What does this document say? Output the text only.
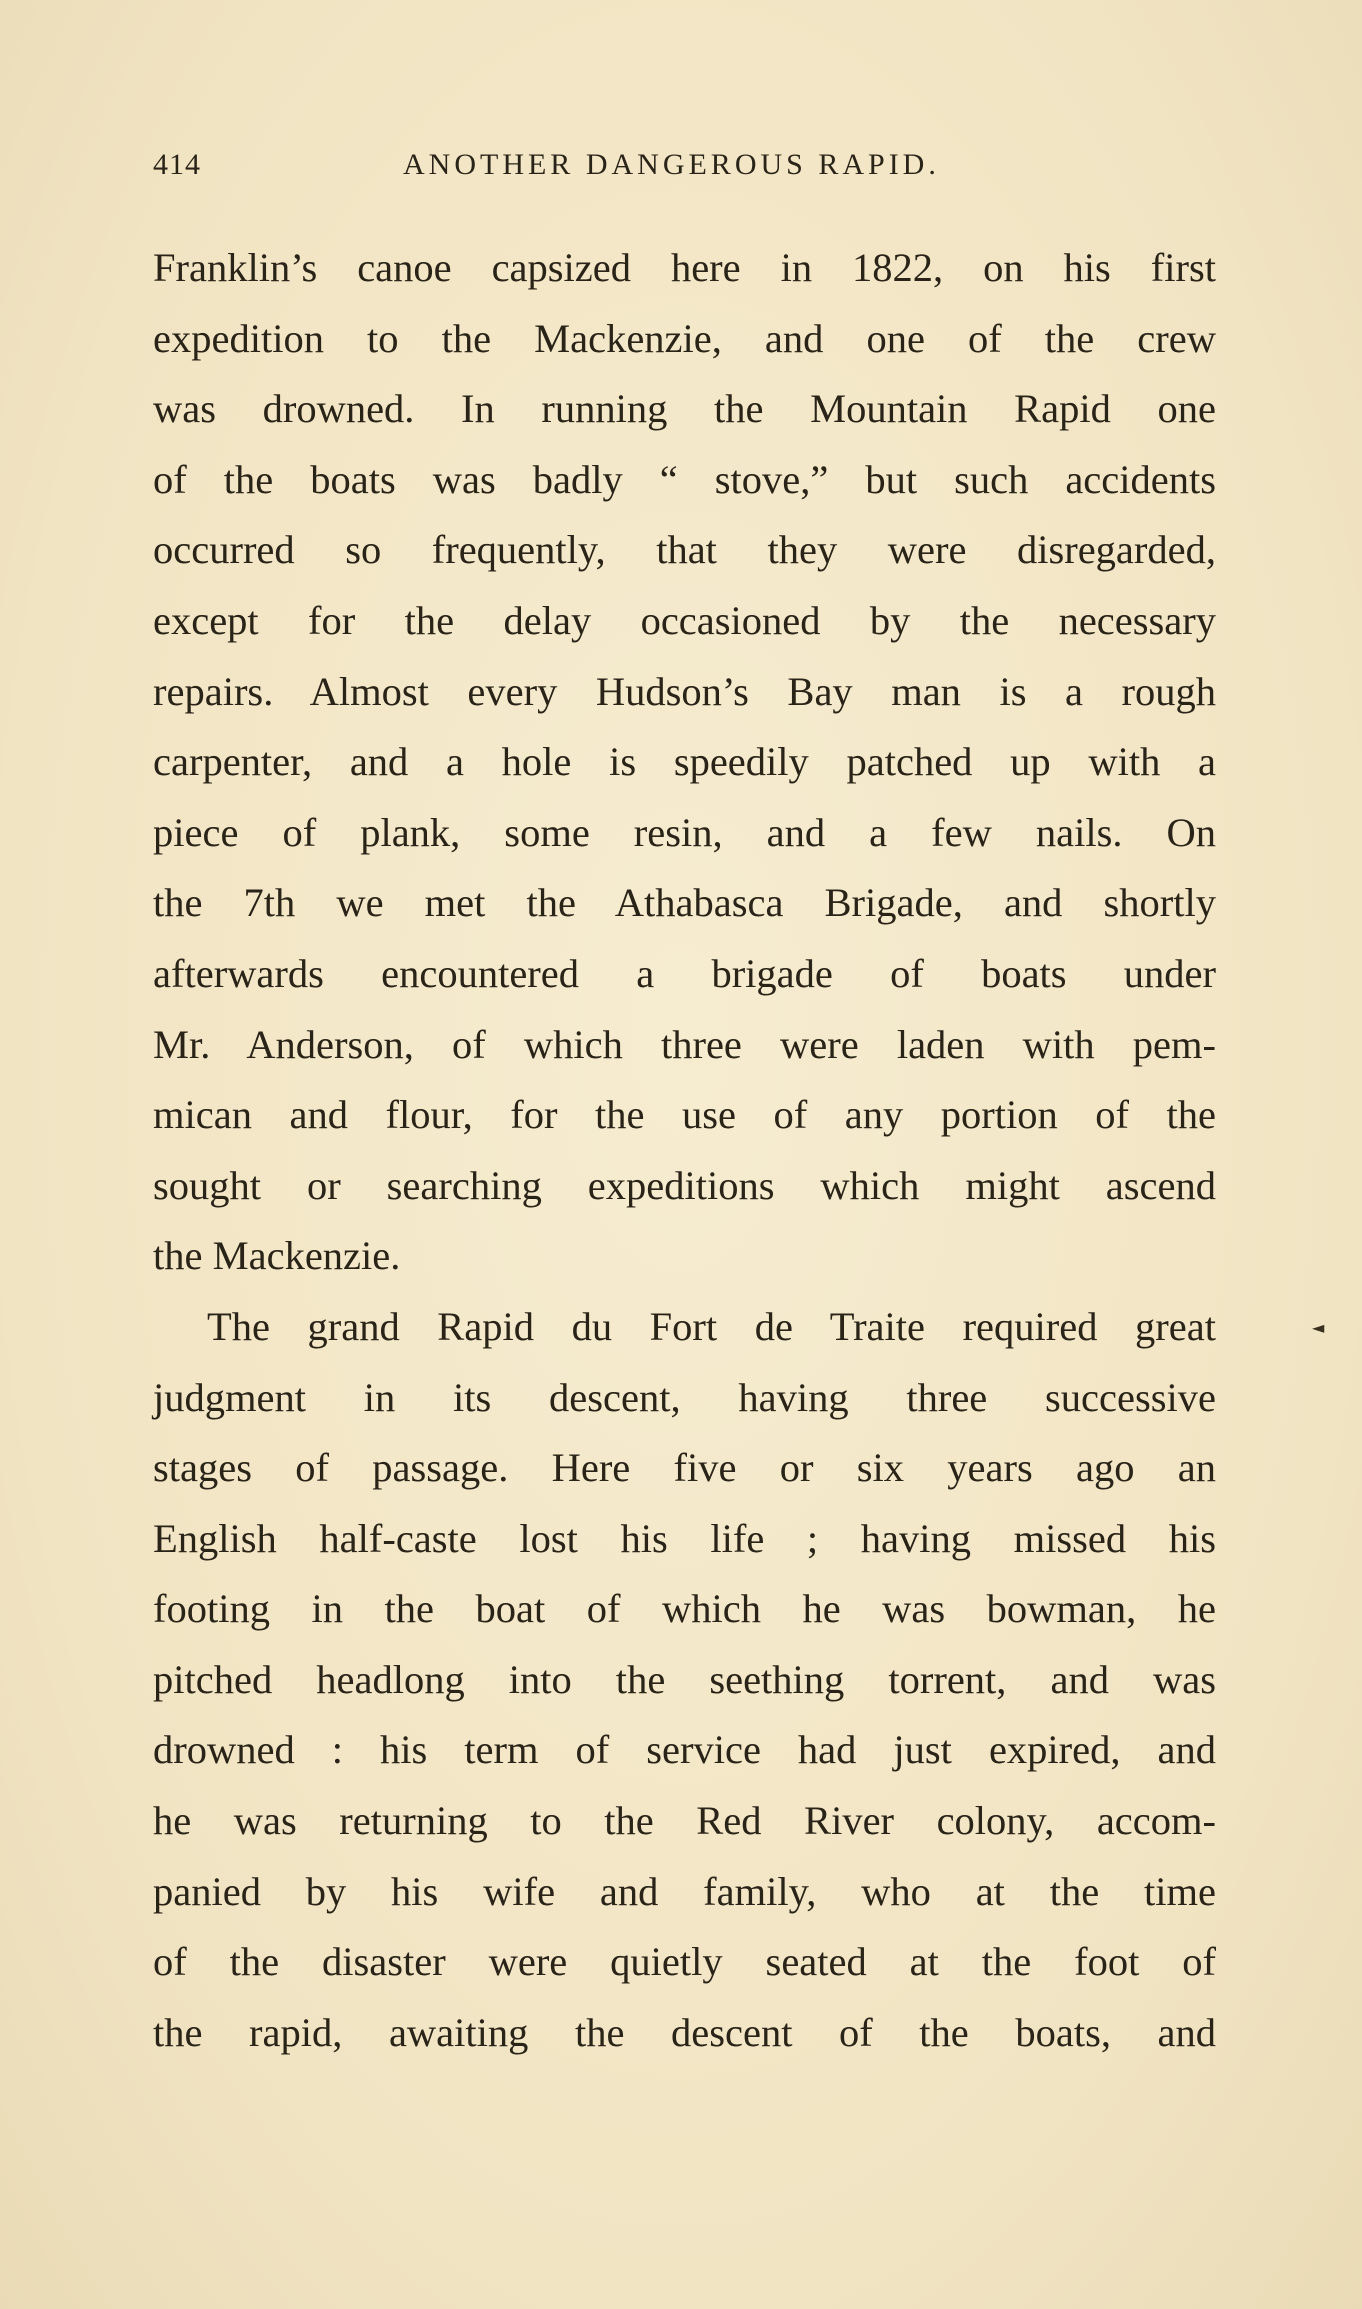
414	ANOTHER DANGEROUS RAPID.
Franklin’s canoe capsized here in 1822, on his first
expedition to the Mackenzie, and one of the crew
was drowned. In running the Mountain Rapid one
of the boats was badly “ stove,” but such accidents
occurred so frequently, that they were disregarded,
except for the delay occasioned by the necessary
repairs. Almost every Hudson’s Bay man is a rough
carpenter, and a hole is speedily patched up with a
piece of plank, some resin, and a few nails. On
the 7th we met the Athabasca Brigade, and shortly
afterwards encountered a brigade of boats under
Mr. Anderson, of which three were laden with pem-
mican and flour, for the use of any portion of the
sought or searching expeditions which might ascend
the Mackenzie.
The grand Rapid du Fort de Traite required great
judgment in its descent, having three successive
stages of passage. Here five or six years ago an
English half-caste lost his life ; having missed his
footing in the boat of which he was bowman, he
pitched headlong into the seething torrent, and was
drowned : his term of service had just expired, and
he was returning to the Red River colony, accom-
panied by his wife and family, who at the time
of the disaster were quietly seated at the foot of
the rapid, awaiting the descent of the boats, and
◄
